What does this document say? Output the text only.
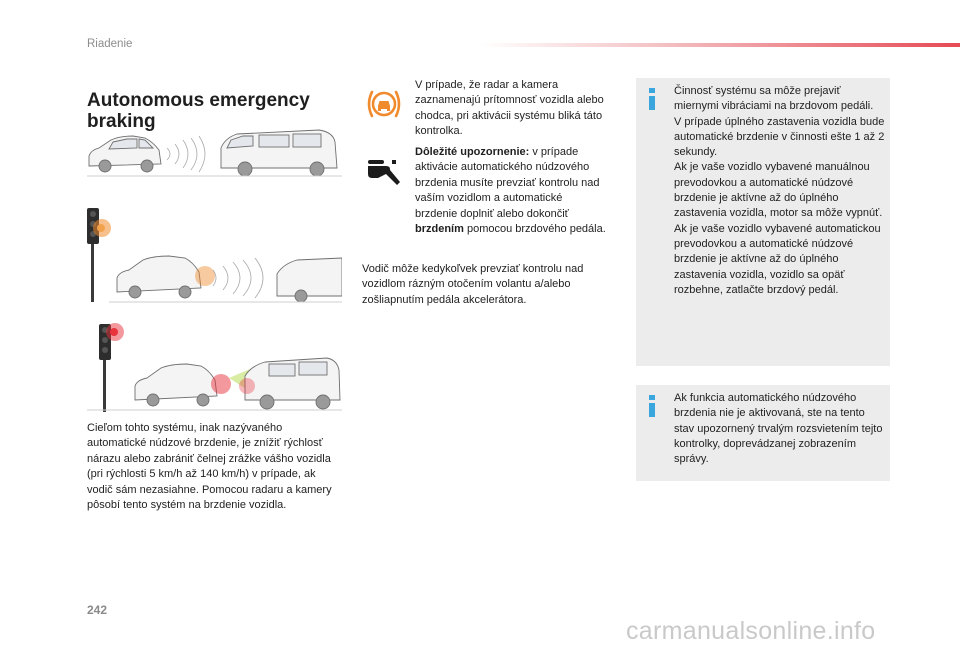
Riadenie
Autonomous emergency braking

Cieľom tohto systému, inak nazývaného automatické núdzové brzdenie, je znížiť rýchlosť nárazu alebo zabrániť čelnej zrážke vášho vozidla (pri rýchlosti 5 km/h až 140 km/h) v prípade, ak vodič sám nezasiahne. Pomocou radaru a kamery pôsobí tento systém na brzdenie vozidla.

V prípade, že radar a kamera zaznamenajú prítomnosť vozidla alebo chodca, pri aktivácii systému bliká táto kontrolka.

Dôležité upozornenie: v prípade aktivácie automatického núdzového brzdenia musíte prevziať kontrolu nad vaším vozidlom a automatické brzdenie doplniť alebo dokončiť brzdením pomocou brzdového pedála.

Vodič môže kedykoľvek prevziať kontrolu nad vozidlom rázným otočením volantu a/alebo zošliapnutím pedála akcelerátora.

Činnosť systému sa môže prejaviť miernymi vibráciami na brzdovom pedáli.

V prípade úplného zastavenia vozidla bude automatické brzdenie v činnosti ešte 1 až 2 sekundy.

Ak je vaše vozidlo vybavené manuálnou prevodovkou a automatické núdzové brzdenie je aktívne až do úplného zastavenia vozidla, motor sa môže vypnúť.

Ak je vaše vozidlo vybavené automatickou prevodovkou a automatické núdzové brzdenie je aktívne až do úplného zastavenia vozidla, vozidlo sa opäť rozbehne, zatlačte brzdový pedál.

Ak funkcia automatického núdzového brzdenia nie je aktivovaná, ste na tento stav upozornený trvalým rozsvietením tejto kontrolky, doprevádzanej zobrazením správy.

242
carmanualsonline.info
